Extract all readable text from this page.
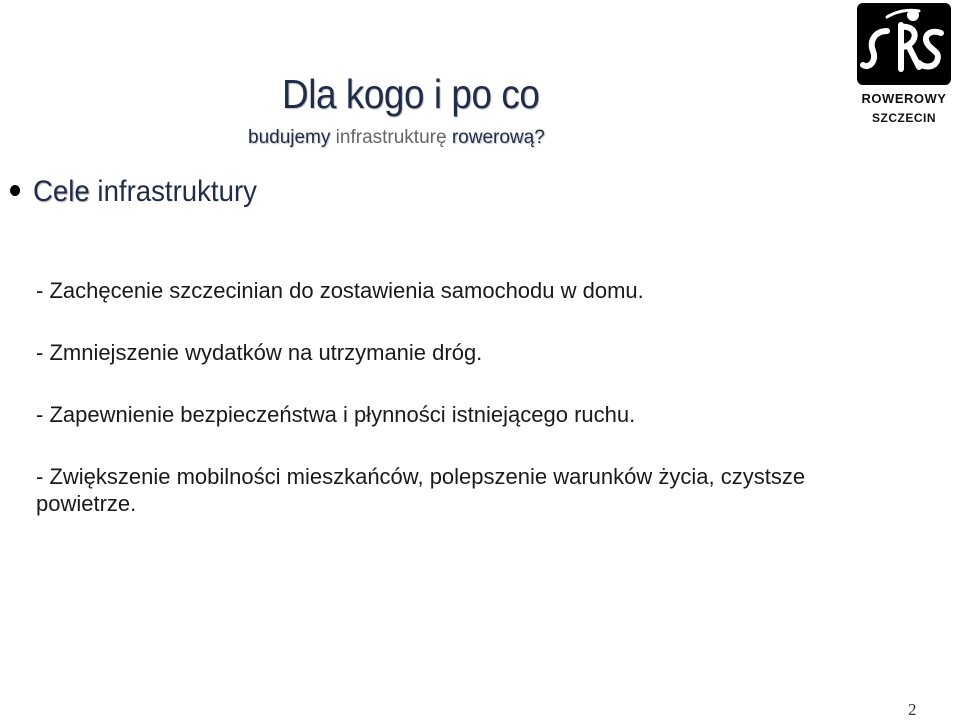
Dla kogo i po co
budujemy infrastrukturę rowerową?
Cele infrastruktury

- Zachęcenie szczecinian do zostawienia samochodu w domu.

- Zmniejszenie wydatków na utrzymanie dróg.

- Zapewnienie bezpieczeństwa i płynności istniejącego ruchu.

- Zwiększenie mobilności mieszkańców, polepszenie warunków życia, czystsze powietrze.

ROWEROWY
SZCZECIN
2
